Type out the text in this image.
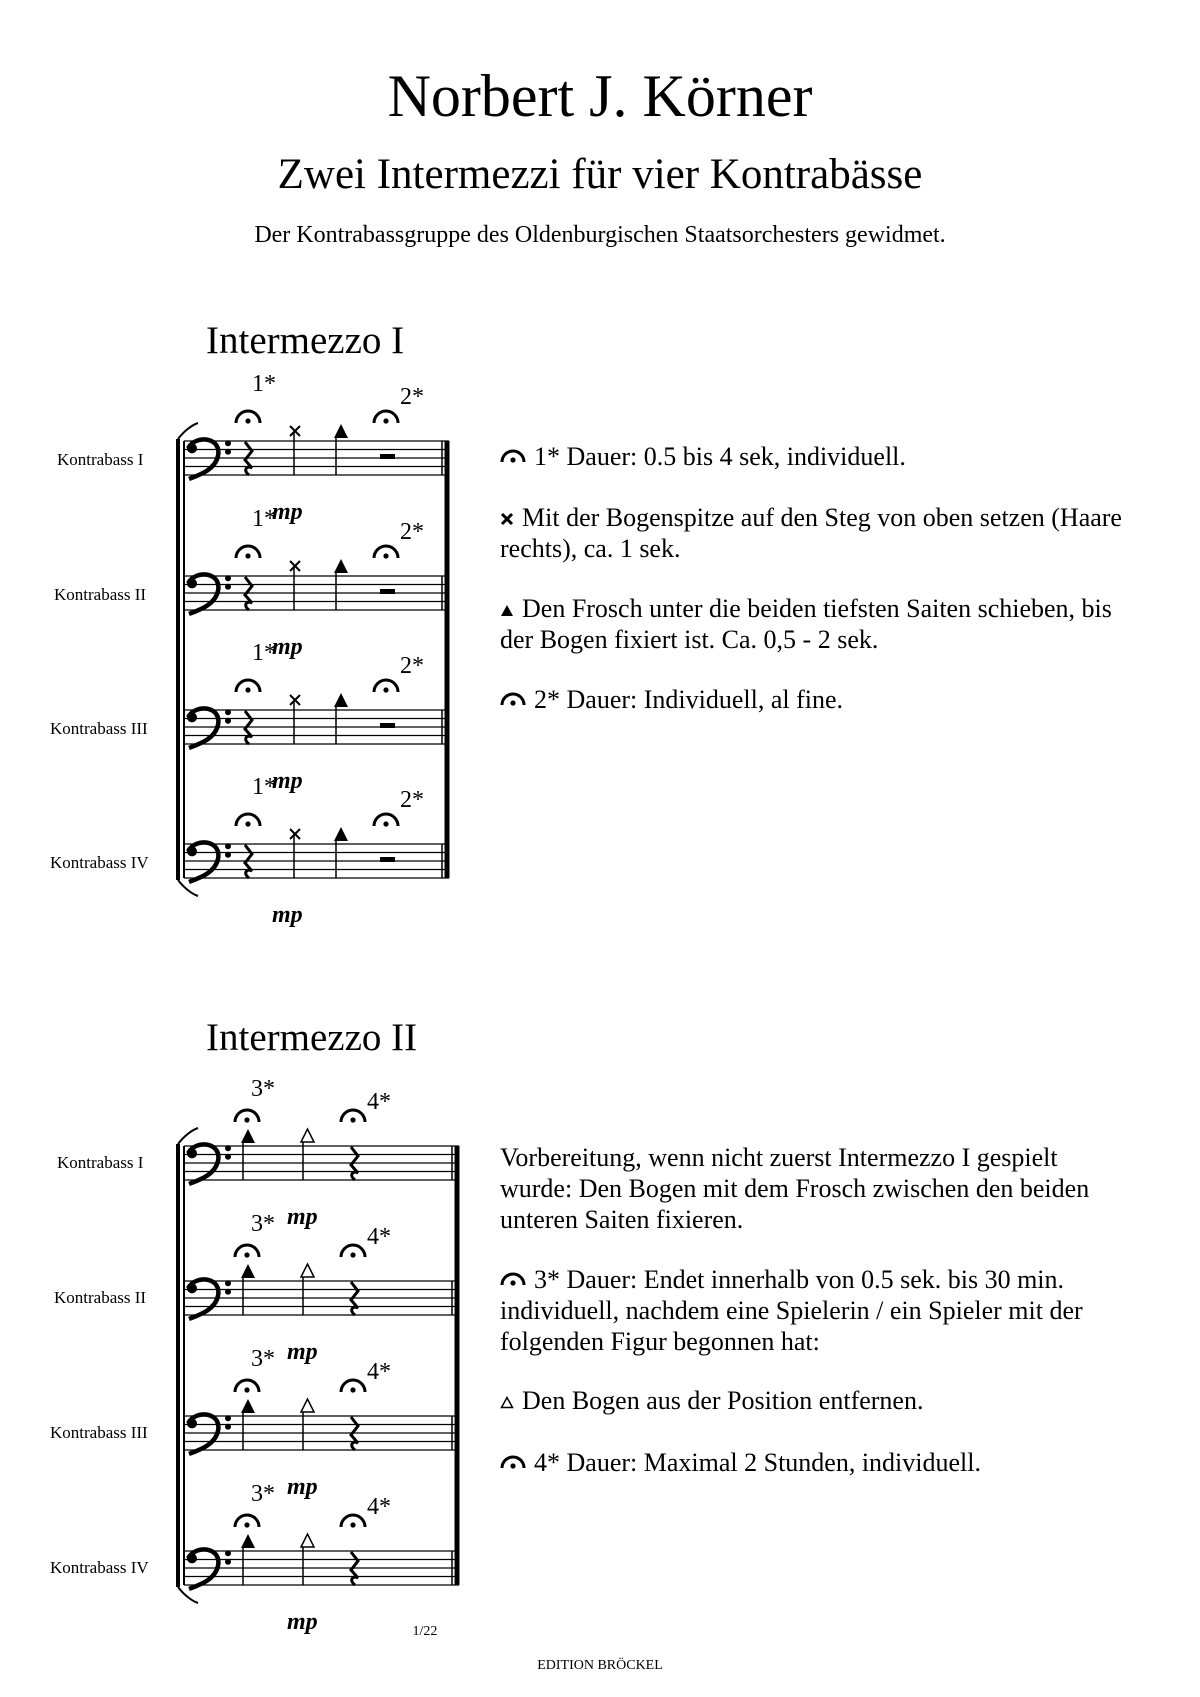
Norbert J. Körner
Zwei Intermezzi für vier Kontrabässe
Der Kontrabassgruppe des Oldenburgischen Staatsorchesters gewidmet.
Intermezzo I
Intermezzo II
Kontrabass I
Kontrabass II
Kontrabass III
Kontrabass IV
Kontrabass I
Kontrabass II
Kontrabass III
Kontrabass IV
mp
1*	2*
mp
1*	2*
mp
1*	2*
mp
1*	2*
mp
3*	4*
mp
3*	4*
mp
3*	4*
mp
3*	4*
1* Dauer: 0.5 bis 4 sek, individuell.
Mit der Bogenspitze auf den Steg von oben setzen (Haare rechts), ca. 1 sek.
Den Frosch unter die beiden tiefsten Saiten schieben, bis der Bogen fixiert ist. Ca. 0,5 - 2 sek.
2* Dauer: Individuell, al fine.
Vorbereitung, wenn nicht zuerst Intermezzo I gespielt wurde: Den Bogen mit dem Frosch zwischen den beiden unteren Saiten fixieren.
3* Dauer: Endet innerhalb von 0.5 sek. bis 30 min. individuell, nachdem eine Spielerin / ein Spieler mit der folgenden Figur begonnen hat:
Den Bogen aus der Position entfernen.
4* Dauer: Maximal 2 Stunden, individuell.
1/22
EDITION BRÖCKEL
